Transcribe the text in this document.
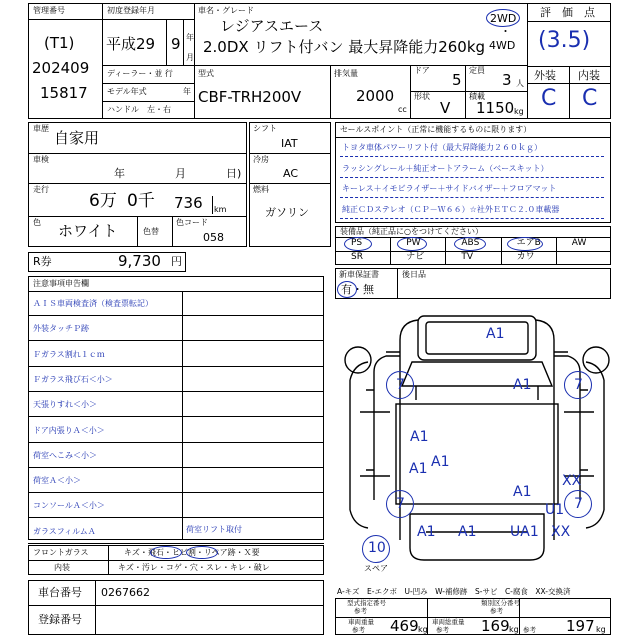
管理番号
(T1)
202409
15817
初度登録年月
平成29 9 年
月
ディーラー・並 行
モデル年式	年
ハンドル　左・右
車名・グレード
レジアスエース
2.0DX リフト付バン 最大昇降能力260kg
2WD
・
4WD
型式
CBF-TRH200V
排気量
2000
cc
ドア
5
定員
3 人
形状
V
積載
1150 kg
評　価　点
(3.5)
外装 内装
C C
車歴
自家用
車検
年	月	日)
走行
6万 0千 736 km
色 ホワイト	色替
色コード
058
R券	9,730 円
注意事項申告欄
ＡＩＳ車両検査済（検査票転記）
外装タッチＰ跡
Ｆガラス割れ１ｃｍ
Ｆガラス飛び石＜小＞
天張りすれ＜小＞
ドア内張りＡ＜小＞
荷室へこみ＜小＞
荷室Ａ＜小＞
コンソールＡ＜小＞
ガラスフィルムＡ	荷室リフト取付
フロントガラス	キズ・飛石・ヒビ割・リペア跡・Ｘ要
内装	キズ・汚レ・コゲ・穴・スレ・キレ・破レ
車台番号 0267662
登録番号
シフト
IAT
冷房
AC
燃料
ガソリン
セールスポイント（正常に機能するものに限ります）
トヨタ車体パワーリフト付（最大昇降能力２６０ｋｇ）
ラッシングレール＋純正オートアラーム（ベースキット）
キーレス＋イモビライザー＋サイドバイザー＋フロアマット
純正ＣＤステレオ（ＣＰ－Ｗ６６）☆社外ＥＴＣ２.０車載器
装備品（純正品に○をつけてください）
PS	PW	ABS	エアB	AW
SR	ナビ	TV	カワ
新車保証書
有・無
後日品
A1
A1
7	7
A1
A1
A1
7	7
A1 A1 UA1
U1
XX
XX
A1
10
スペア
A-キズ　E-エクボ　U-凹み　W-補修跡　S-サビ　C-腐食　XX-交換済
型式指定番号	類別区分番号
参考	参考
車両重量	車両総重量
参考	参考	参考
469 kg	169 kg	197 kg
